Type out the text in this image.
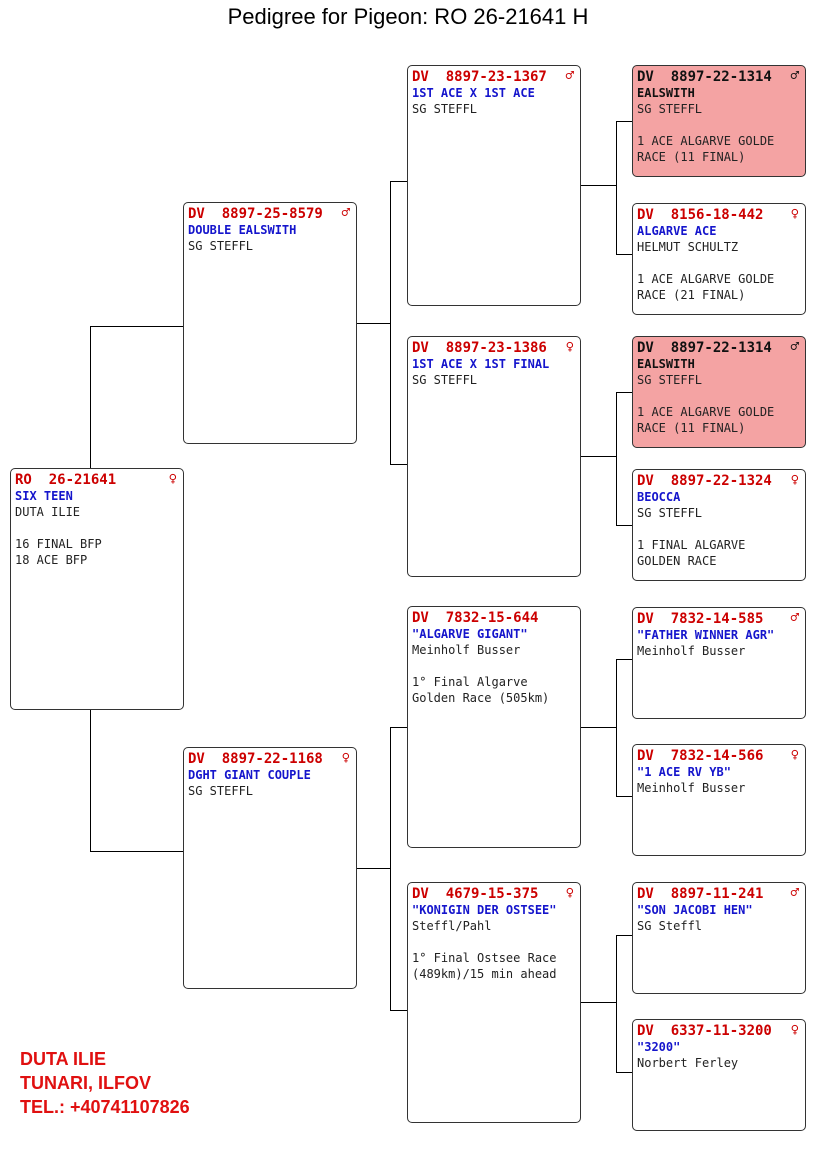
Pedigree for Pigeon: RO 26-21641 H
RO  26-21641	♀
SIX TEEN
DUTA ILIE
16 FINAL BFP
18 ACE BFP
DV  8897-25-8579	♂
DOUBLE EALSWITH
SG STEFFL
DV  8897-22-1168	♀
DGHT GIANT COUPLE
SG STEFFL
DV  8897-23-1367	♂
1ST ACE X 1ST ACE
SG STEFFL
DV  8897-23-1386	♀
1ST ACE X 1ST FINAL
SG STEFFL
DV  7832-15-644
"ALGARVE GIGANT"
Meinholf Busser
1° Final Algarve
Golden Race (505km)
DV  4679-15-375	♀
"KONIGIN DER OSTSEE"
Steffl/Pahl
1° Final Ostsee Race
(489km)/15 min ahead
DV  8897-22-1314	♂
EALSWITH
SG STEFFL
1 ACE ALGARVE GOLDE
RACE (11 FINAL)
DV  8156-18-442	♀
ALGARVE ACE
HELMUT SCHULTZ
1 ACE ALGARVE GOLDE
RACE (21 FINAL)
DV  8897-22-1314	♂
EALSWITH
SG STEFFL
1 ACE ALGARVE GOLDE
RACE (11 FINAL)
DV  8897-22-1324	♀
BEOCCA
SG STEFFL
1 FINAL ALGARVE
GOLDEN RACE
DV  7832-14-585	♂
"FATHER WINNER AGR"
Meinholf Busser
DV  7832-14-566	♀
"1 ACE RV YB"
Meinholf Busser
DV  8897-11-241	♂
"SON JACOBI HEN"
SG Steffl
DV  6337-11-3200	♀
"3200"
Norbert Ferley
DUTA ILIE
TUNARI, ILFOV
TEL.: +40741107826
